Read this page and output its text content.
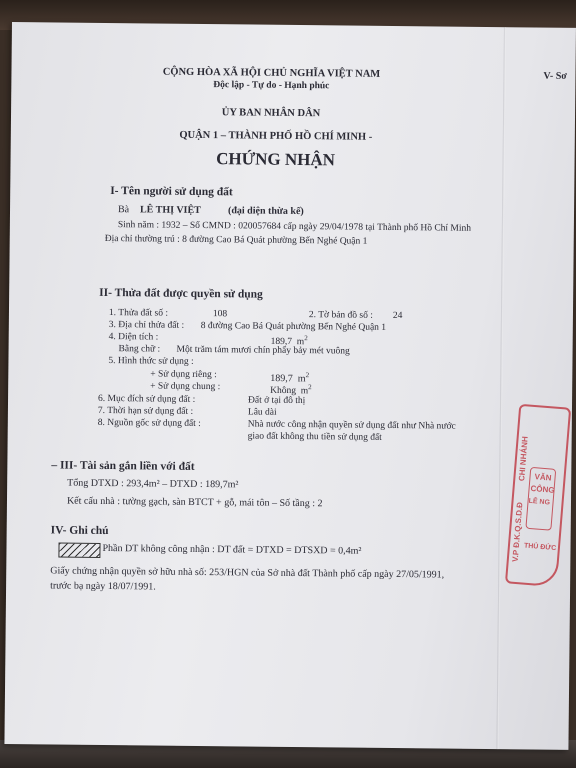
CỘNG HÒA XÃ HỘI CHỦ NGHĨA VIỆT NAM
Độc lập - Tự do - Hạnh phúc
V- Sơ
ỦY BAN NHÂN DÂN
QUẬN 1 – THÀNH PHỐ HỒ CHÍ MINH -
CHỨNG NHẬN
I- Tên người sử dụng đất
Bà LÊ THỊ VIỆT	(đại diện thừa kế)
Sinh năm : 1932 – Số CMND : 020057684 cấp ngày 29/04/1978 tại Thành phố Hồ Chí Minh
Địa chỉ thường trú : 8 đường Cao Bá Quát phường Bến Nghé Quận 1
II- Thửa đất được quyền sử dụng
1. Thửa đất số :	108	2. Tờ bản đồ số : 24
3. Địa chỉ thửa đất : 8 đường Cao Bá Quát phường Bến Nghé Quận 1
4. Diện tích :	189,7 $m^2$
Bằng chữ : Một trăm tám mươi chín phẩy bảy mét vuông
5. Hình thức sử dụng :
+ Sử dụng riêng :	189,7 $m^2$
+ Sử dụng chung :	Không $m^2$
6. Mục đích sử dụng đất :	Đất ở tại đô thị
7. Thời hạn sử dụng đất :	Lâu dài
8. Nguồn gốc sử dụng đất :	Nhà nước công nhận quyền sử dụng đất như Nhà nước
giao đất không thu tiền sử dụng đất
– III- Tài sản gắn liền với đất
Tổng DTXD : 293,4m² – DTXD : 189,7m²
Kết cấu nhà : tường gạch, sàn BTCT + gỗ, mái tôn – Số tầng : 2
IV- Ghi chú
Phần DT không công nhận : DT đất = DTXD = DTSXD = 0,4m²
Giấy chứng nhận quyền sở hữu nhà số: 253/HGN của Sở nhà đất Thành phố cấp ngày 27/05/1991,
trước bạ ngày 18/07/1991.
CHI NHÁNH
V.P Đ.K.Q.S.D.Đ
VĂN
CÔNG
LÊ NG
THỦ ĐỨC
